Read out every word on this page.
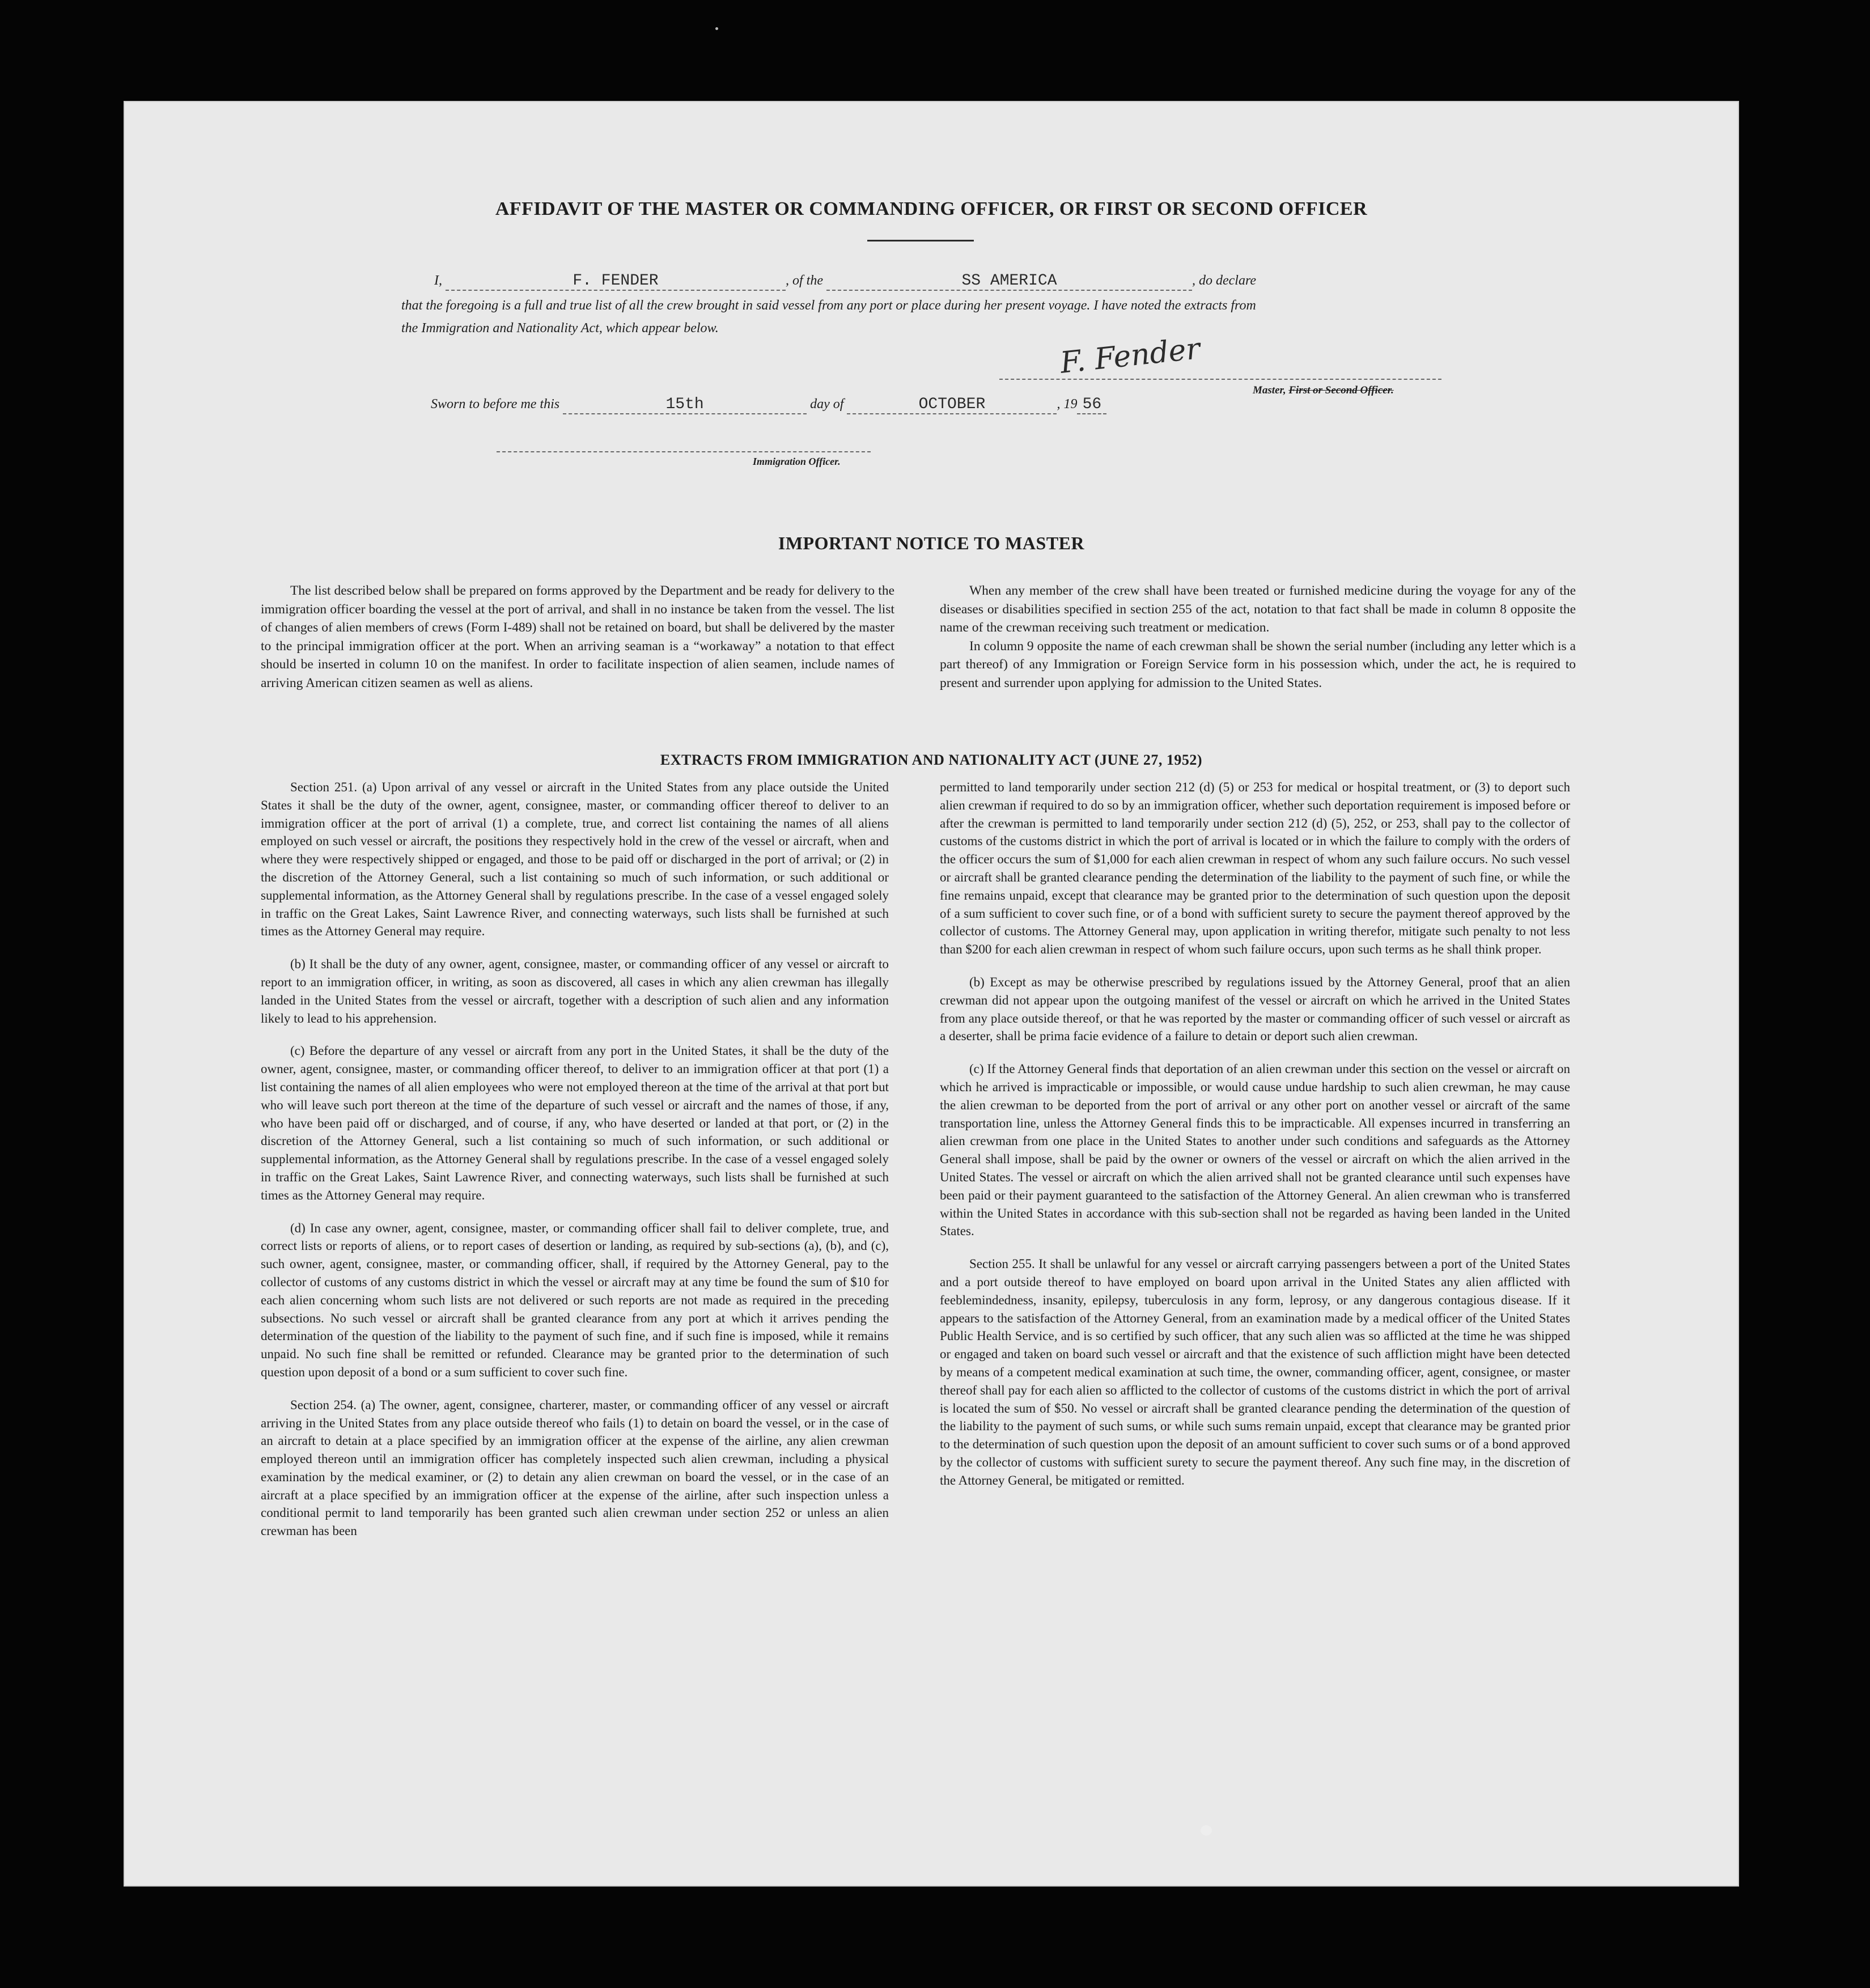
AFFIDAVIT OF THE MASTER OR COMMANDING OFFICER, OR FIRST OR SECOND OFFICER
I,	F. FENDER	, of the	SS AMERICA	, do declare
that the foregoing is a full and true list of all the crew brought in said vessel from any port or place during her present voyage. I have noted the extracts from
the Immigration and Nationality Act, which appear below.
F. Fender
Master, First or Second Officer.
Sworn to before me this	15th	day of	OCTOBER	, 19 56
Immigration Officer.
IMPORTANT NOTICE TO MASTER
The list described below shall be prepared on forms approved by the Department and be ready for delivery to the immigration officer boarding the vessel at the port of arrival, and shall in no instance be taken from the vessel. The list of changes of alien members of crews (Form I-489) shall not be retained on board, but shall be delivered by the master to the principal immigration officer at the port. When an arriving seaman is a “workaway” a notation to that effect should be inserted in column 10 on the manifest. In order to facilitate inspection of alien seamen, include names of arriving American citizen seamen as well as aliens.
When any member of the crew shall have been treated or furnished medicine during the voyage for any of the diseases or disabilities specified in section 255 of the act, notation to that fact shall be made in column 8 opposite the name of the crewman receiving such treatment or medication.
In column 9 opposite the name of each crewman shall be shown the serial number (including any letter which is a part thereof) of any Immigration or Foreign Service form in his possession which, under the act, he is required to present and surrender upon applying for admission to the United States.
EXTRACTS FROM IMMIGRATION AND NATIONALITY ACT (JUNE 27, 1952)

Section 251. (a) Upon arrival of any vessel or aircraft in the United States from any place outside the United States it shall be the duty of the owner, agent, consignee, master, or commanding officer thereof to deliver to an immigration officer at the port of arrival (1) a complete, true, and correct list containing the names of all aliens employed on such vessel or aircraft, the positions they respectively hold in the crew of the vessel or aircraft, when and where they were respectively shipped or engaged, and those to be paid off or discharged in the port of arrival; or (2) in the discretion of the Attorney General, such a list containing so much of such information, or such additional or supplemental information, as the Attorney General shall by regulations prescribe. In the case of a vessel engaged solely in traffic on the Great Lakes, Saint Lawrence River, and connecting waterways, such lists shall be furnished at such times as the Attorney General may require.

(b) It shall be the duty of any owner, agent, consignee, master, or commanding officer of any vessel or aircraft to report to an immigration officer, in writing, as soon as discovered, all cases in which any alien crewman has illegally landed in the United States from the vessel or aircraft, together with a description of such alien and any information likely to lead to his apprehension.

(c) Before the departure of any vessel or aircraft from any port in the United States, it shall be the duty of the owner, agent, consignee, master, or commanding officer thereof, to deliver to an immigration officer at that port (1) a list containing the names of all alien employees who were not employed thereon at the time of the arrival at that port but who will leave such port thereon at the time of the departure of such vessel or aircraft and the names of those, if any, who have been paid off or discharged, and of course, if any, who have deserted or landed at that port, or (2) in the discretion of the Attorney General, such a list containing so much of such information, or such additional or supplemental information, as the Attorney General shall by regulations prescribe. In the case of a vessel engaged solely in traffic on the Great Lakes, Saint Lawrence River, and connecting waterways, such lists shall be furnished at such times as the Attorney General may require.

(d) In case any owner, agent, consignee, master, or commanding officer shall fail to deliver complete, true, and correct lists or reports of aliens, or to report cases of desertion or landing, as required by sub-sections (a), (b), and (c), such owner, agent, consignee, master, or commanding officer, shall, if required by the Attorney General, pay to the collector of customs of any customs district in which the vessel or aircraft may at any time be found the sum of $10 for each alien concerning whom such lists are not delivered or such reports are not made as required in the preceding subsections. No such vessel or aircraft shall be granted clearance from any port at which it arrives pending the determination of the question of the liability to the payment of such fine, and if such fine is imposed, while it remains unpaid. No such fine shall be remitted or refunded. Clearance may be granted prior to the determination of such question upon deposit of a bond or a sum sufficient to cover such fine.

Section 254. (a) The owner, agent, consignee, charterer, master, or commanding officer of any vessel or aircraft arriving in the United States from any place outside thereof who fails (1) to detain on board the vessel, or in the case of an aircraft to detain at a place specified by an immigration officer at the expense of the airline, any alien crewman employed thereon until an immigration officer has completely inspected such alien crewman, including a physical examination by the medical examiner, or (2) to detain any alien crewman on board the vessel, or in the case of an aircraft at a place specified by an immigration officer at the expense of the airline, after such inspection unless a conditional permit to land temporarily has been granted such alien crewman under section 252 or unless an alien crewman has been

permitted to land temporarily under section 212 (d) (5) or 253 for medical or hospital treatment, or (3) to deport such alien crewman if required to do so by an immigration officer, whether such deportation requirement is imposed before or after the crewman is permitted to land temporarily under section 212 (d) (5), 252, or 253, shall pay to the collector of customs of the customs district in which the port of arrival is located or in which the failure to comply with the orders of the officer occurs the sum of $1,000 for each alien crewman in respect of whom any such failure occurs. No such vessel or aircraft shall be granted clearance pending the determination of the liability to the payment of such fine, or while the fine remains unpaid, except that clearance may be granted prior to the determination of such question upon the deposit of a sum sufficient to cover such fine, or of a bond with sufficient surety to secure the payment thereof approved by the collector of customs. The Attorney General may, upon application in writing therefor, mitigate such penalty to not less than $200 for each alien crewman in respect of whom such failure occurs, upon such terms as he shall think proper.

(b) Except as may be otherwise prescribed by regulations issued by the Attorney General, proof that an alien crewman did not appear upon the outgoing manifest of the vessel or aircraft on which he arrived in the United States from any place outside thereof, or that he was reported by the master or commanding officer of such vessel or aircraft as a deserter, shall be prima facie evidence of a failure to detain or deport such alien crewman.

(c) If the Attorney General finds that deportation of an alien crewman under this section on the vessel or aircraft on which he arrived is impracticable or impossible, or would cause undue hardship to such alien crewman, he may cause the alien crewman to be deported from the port of arrival or any other port on another vessel or aircraft of the same transportation line, unless the Attorney General finds this to be impracticable. All expenses incurred in transferring an alien crewman from one place in the United States to another under such conditions and safeguards as the Attorney General shall impose, shall be paid by the owner or owners of the vessel or aircraft on which the alien arrived in the United States. The vessel or aircraft on which the alien arrived shall not be granted clearance until such expenses have been paid or their payment guaranteed to the satisfaction of the Attorney General. An alien crewman who is transferred within the United States in accordance with this sub-section shall not be regarded as having been landed in the United States.

Section 255. It shall be unlawful for any vessel or aircraft carrying passengers between a port of the United States and a port outside thereof to have employed on board upon arrival in the United States any alien afflicted with feeblemindedness, insanity, epilepsy, tuberculosis in any form, leprosy, or any dangerous contagious disease. If it appears to the satisfaction of the Attorney General, from an examination made by a medical officer of the United States Public Health Service, and is so certified by such officer, that any such alien was so afflicted at the time he was shipped or engaged and taken on board such vessel or aircraft and that the existence of such affliction might have been detected by means of a competent medical examination at such time, the owner, commanding officer, agent, consignee, or master thereof shall pay for each alien so afflicted to the collector of customs of the customs district in which the port of arrival is located the sum of $50. No vessel or aircraft shall be granted clearance pending the determination of the question of the liability to the payment of such sums, or while such sums remain unpaid, except that clearance may be granted prior to the determination of such question upon the deposit of an amount sufficient to cover such sums or of a bond approved by the collector of customs with sufficient surety to secure the payment thereof. Any such fine may, in the discretion of the Attorney General, be mitigated or remitted.
